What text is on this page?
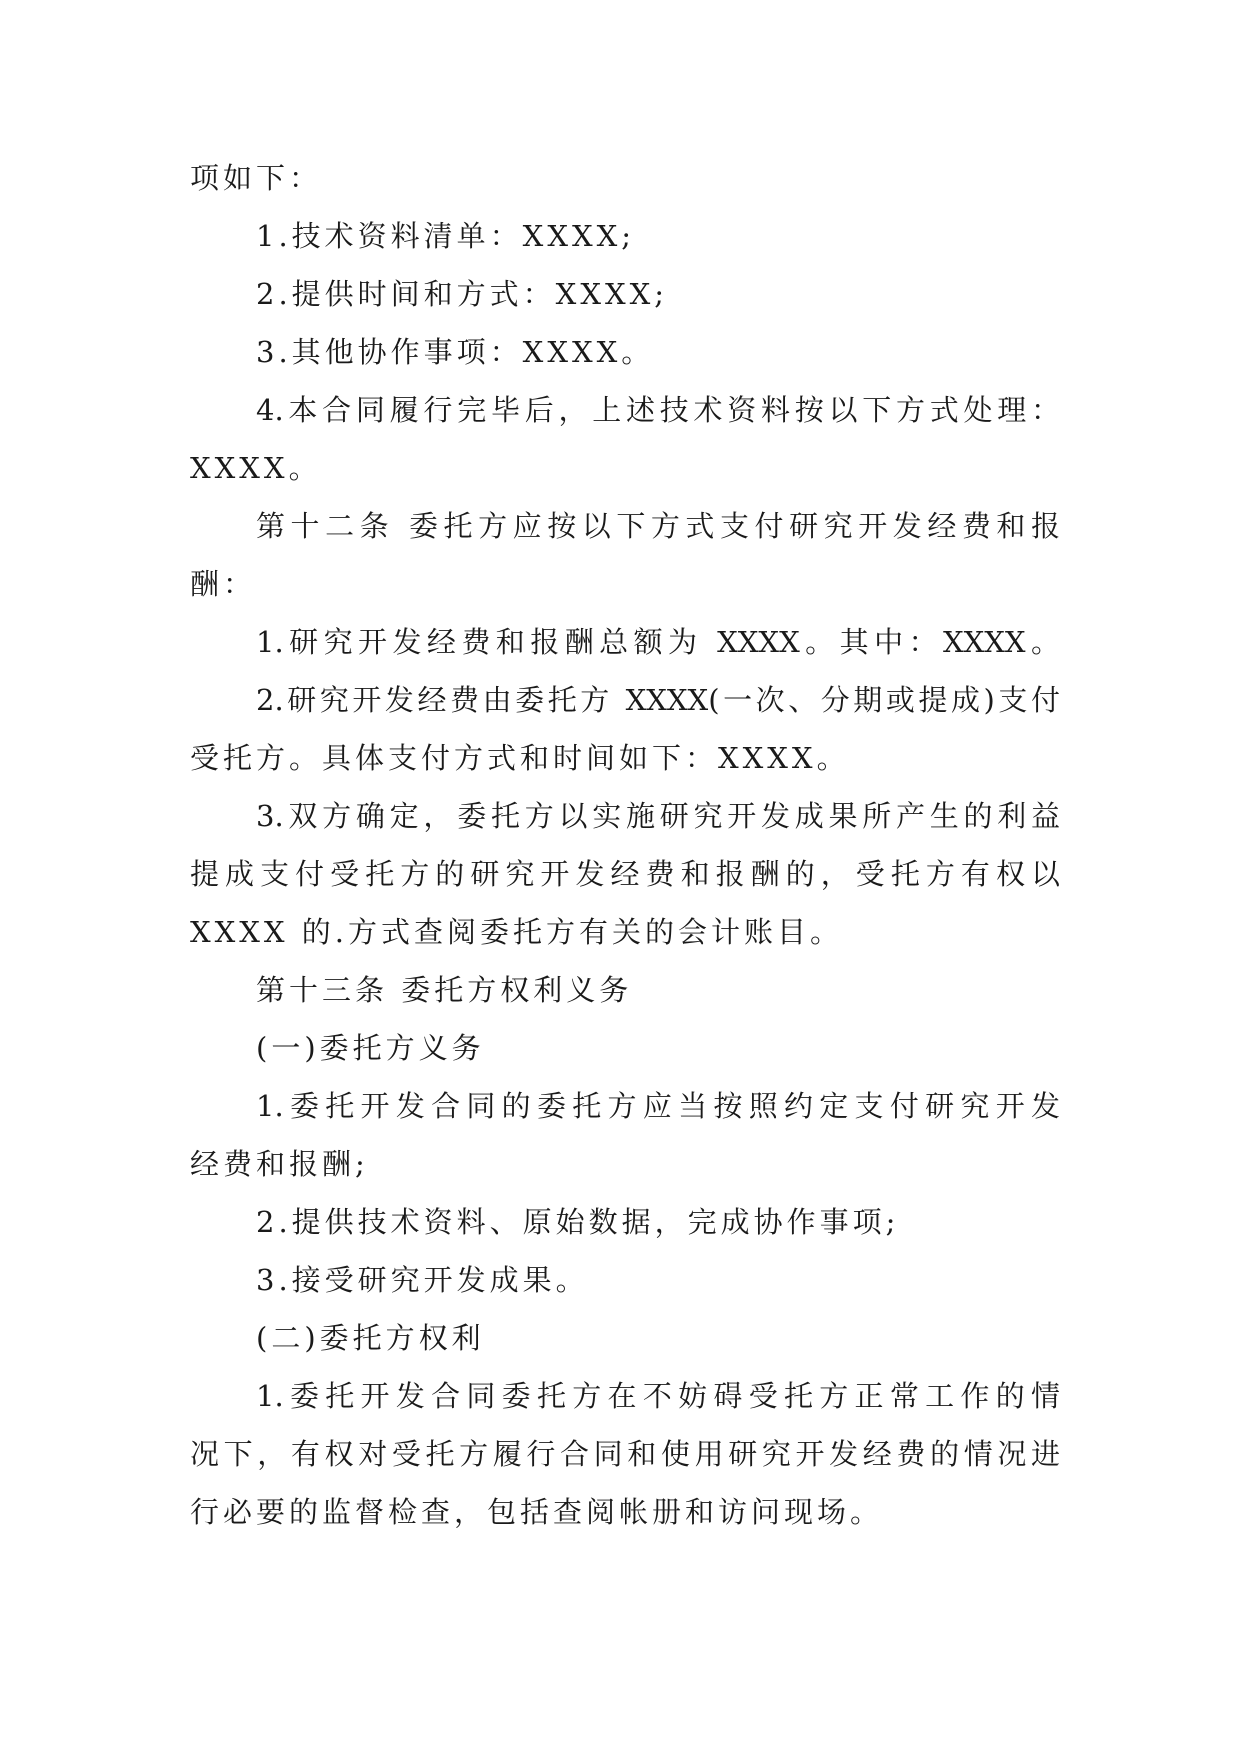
项如下：
1.技术资料清单：XXXX;
2.提供时间和方式：XXXX;
3.其他协作事项：XXXX。
4.本合同履行完毕后，上述技术资料按以下方式处理：
XXXX。
第十二条 委托方应按以下方式支付研究开发经费和报
酬：
1.研究开发经费和报酬总额为 XXXX。其中：XXXX。
2.研究开发经费由委托方 XXXX(一次、分期或提成)支付
受托方。具体支付方式和时间如下：XXXX。
3.双方确定，委托方以实施研究开发成果所产生的利益
提成支付受托方的研究开发经费和报酬的，受托方有权以
XXXX 的.方式查阅委托方有关的会计账目。
第十三条 委托方权利义务
(一)委托方义务
1.委托开发合同的委托方应当按照约定支付研究开发
经费和报酬;
2.提供技术资料、原始数据，完成协作事项;
3.接受研究开发成果。
(二)委托方权利
1.委托开发合同委托方在不妨碍受托方正常工作的情
况下，有权对受托方履行合同和使用研究开发经费的情况进
行必要的监督检查，包括查阅帐册和访问现场。
